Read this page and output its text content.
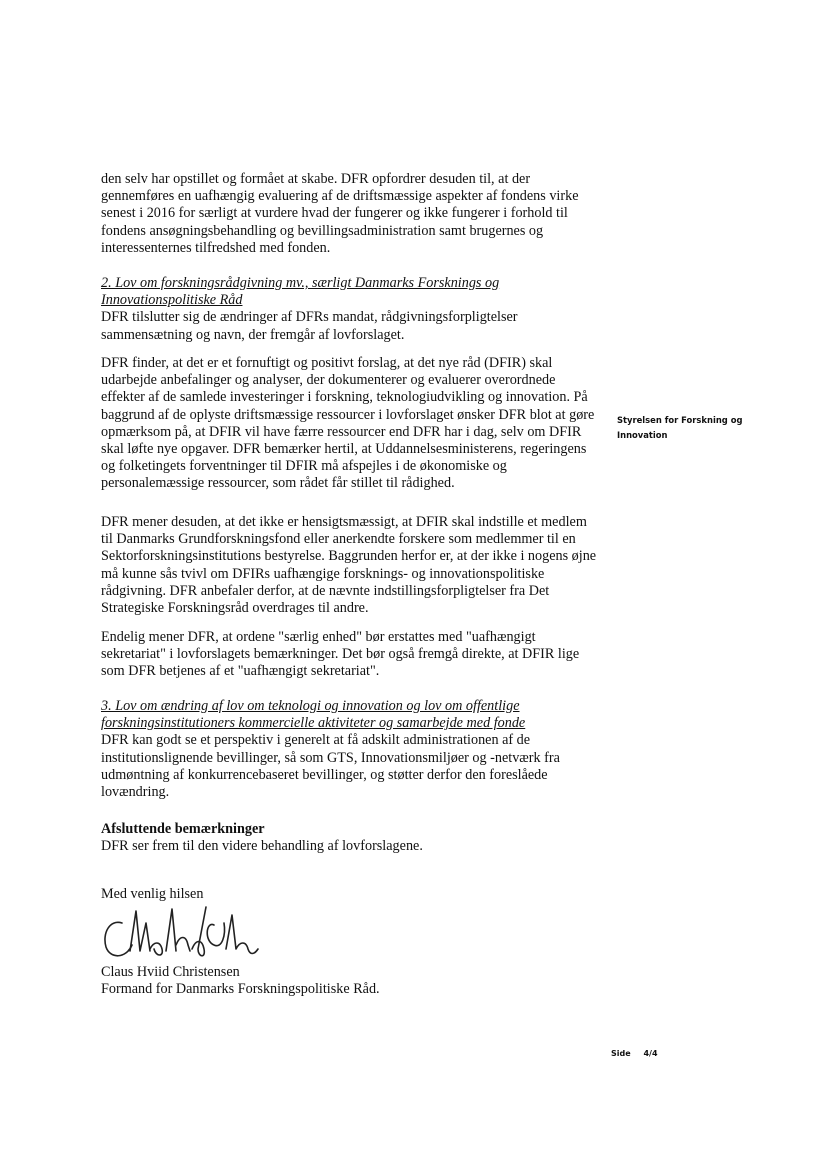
den selv har opstillet og formået at skabe. DFR opfordrer desuden til, at der gennemføres en uafhængig evaluering af de driftsmæssige aspekter af fondens virke senest i 2016 for særligt at vurdere hvad der fungerer og ikke fungerer i forhold til fondens ansøgningsbehandling og bevillingsadministration samt brugernes og interessenternes tilfredshed med fonden.

2. Lov om forskningsrådgivning mv., særligt Danmarks Forsknings og Innovationspolitiske Råd

DFR tilslutter sig de ændringer af DFRs mandat, rådgivningsforpligtelser sammensætning og navn, der fremgår af lovforslaget.

DFR finder, at det er et fornuftigt og positivt forslag, at det nye råd (DFIR) skal udarbejde anbefalinger og analyser, der dokumenterer og evaluerer overordnede effekter af de samlede investeringer i forskning, teknologiudvikling og innovation. På baggrund af de oplyste driftsmæssige ressourcer i lovforslaget ønsker DFR blot at gøre opmærksom på, at DFIR vil have færre ressourcer end DFR har i dag, selv om DFIR skal løfte nye opgaver. DFR bemærker hertil, at Uddannelsesministerens, regeringens og folketingets forventninger til DFIR må afspejles i de økonomiske og personalemæssige ressourcer, som rådet får stillet til rådighed.

DFR mener desuden, at det ikke er hensigtsmæssigt, at DFIR skal indstille et medlem til Danmarks Grundforskningsfond eller anerkendte forskere som medlemmer til en Sektorforskningsinstitutions bestyrelse. Baggrunden herfor er, at der ikke i nogens øjne må kunne sås tvivl om DFIRs uafhængige forsknings- og innovationspolitiske rådgivning. DFR anbefaler derfor, at de nævnte indstillingsforpligtelser fra Det Strategiske Forskningsråd overdrages til andre.

Endelig mener DFR, at ordene "særlig enhed" bør erstattes med "uafhængigt sekretariat" i lovforslagets bemærkninger. Det bør også fremgå direkte, at DFIR lige som DFR betjenes af et "uafhængigt sekretariat".

3. Lov om ændring af lov om teknologi og innovation og lov om offentlige forskningsinstitutioners kommercielle aktiviteter og samarbejde med fonde

DFR kan godt se et perspektiv i generelt at få adskilt administrationen af de institutionslignende bevillinger, så som GTS, Innovationsmiljøer og -netværk fra udmøntning af konkurrencebaseret bevillinger, og støtter derfor den foreslåede lovændring.

Afsluttende bemærkninger

DFR ser frem til den videre behandling af lovforslagene.

Med venlig hilsen

Claus Hviid Christensen

Formand for Danmarks Forskningspolitiske Råd.

Styrelsen for Forskning og Innovation
Side 4/4
